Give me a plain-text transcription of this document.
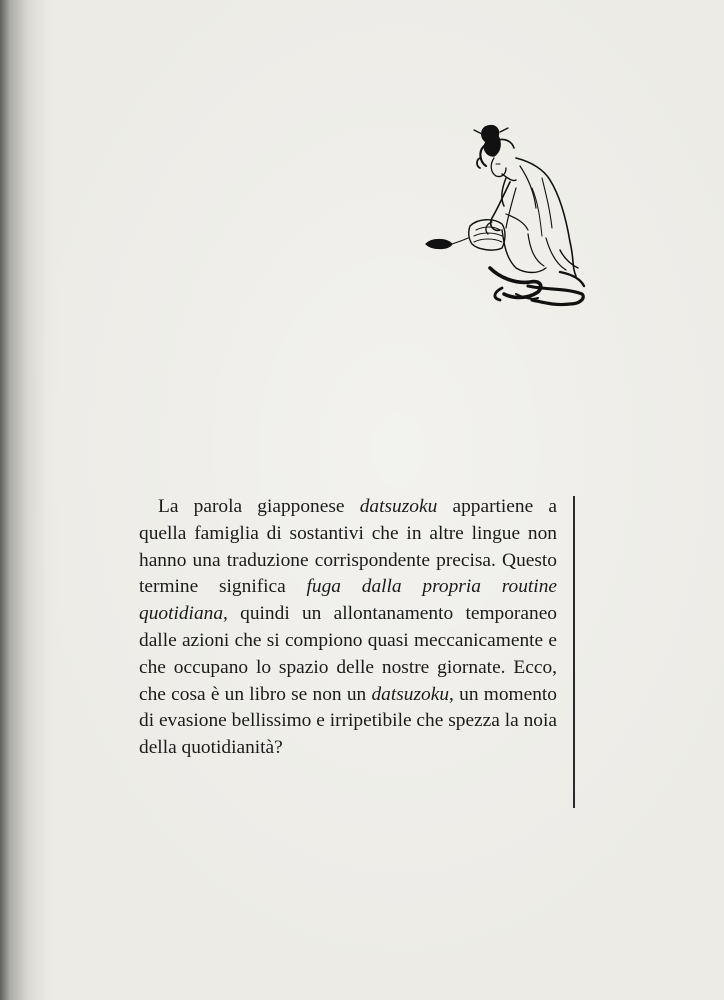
La parola giapponese datsuzoku appartiene a quella famiglia di sostantivi che in altre lingue non hanno una traduzione corrispondente precisa. Questo termine significa fuga dalla propria routine quotidiana, quindi un allontanamento temporaneo dalle azioni che si compiono quasi meccanicamente e che occupano lo spazio delle nostre giornate. Ecco, che cosa è un libro se non un datsuzoku, un momento di evasione bellissimo e irripetibile che spezza la noia della quotidianità?
